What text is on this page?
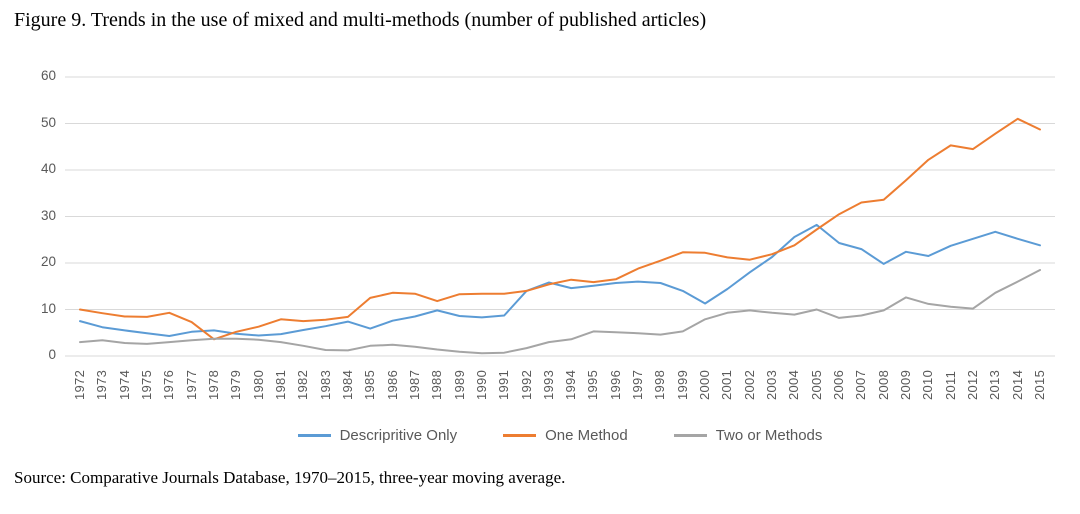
Figure 9. Trends in the use of mixed and multi-methods (number of published articles)
0
10
20
30
40
50
60
1972 1973 1974 1975 1976 1977 1978 1979 1980 1981 1982 1983 1984 1985 1986 1987 1988 1989 1990 1991 1992 1993 1994 1995 1996 1997 1998 1999 2000 2001 2002 2003 2004 2005 2006 2007 2008 2009 2010 2011 2012 2013 2014 2015
Descripritive Only	One Method	Two or Methods
Source: Comparative Journals Database, 1970–2015, three-year moving average.
